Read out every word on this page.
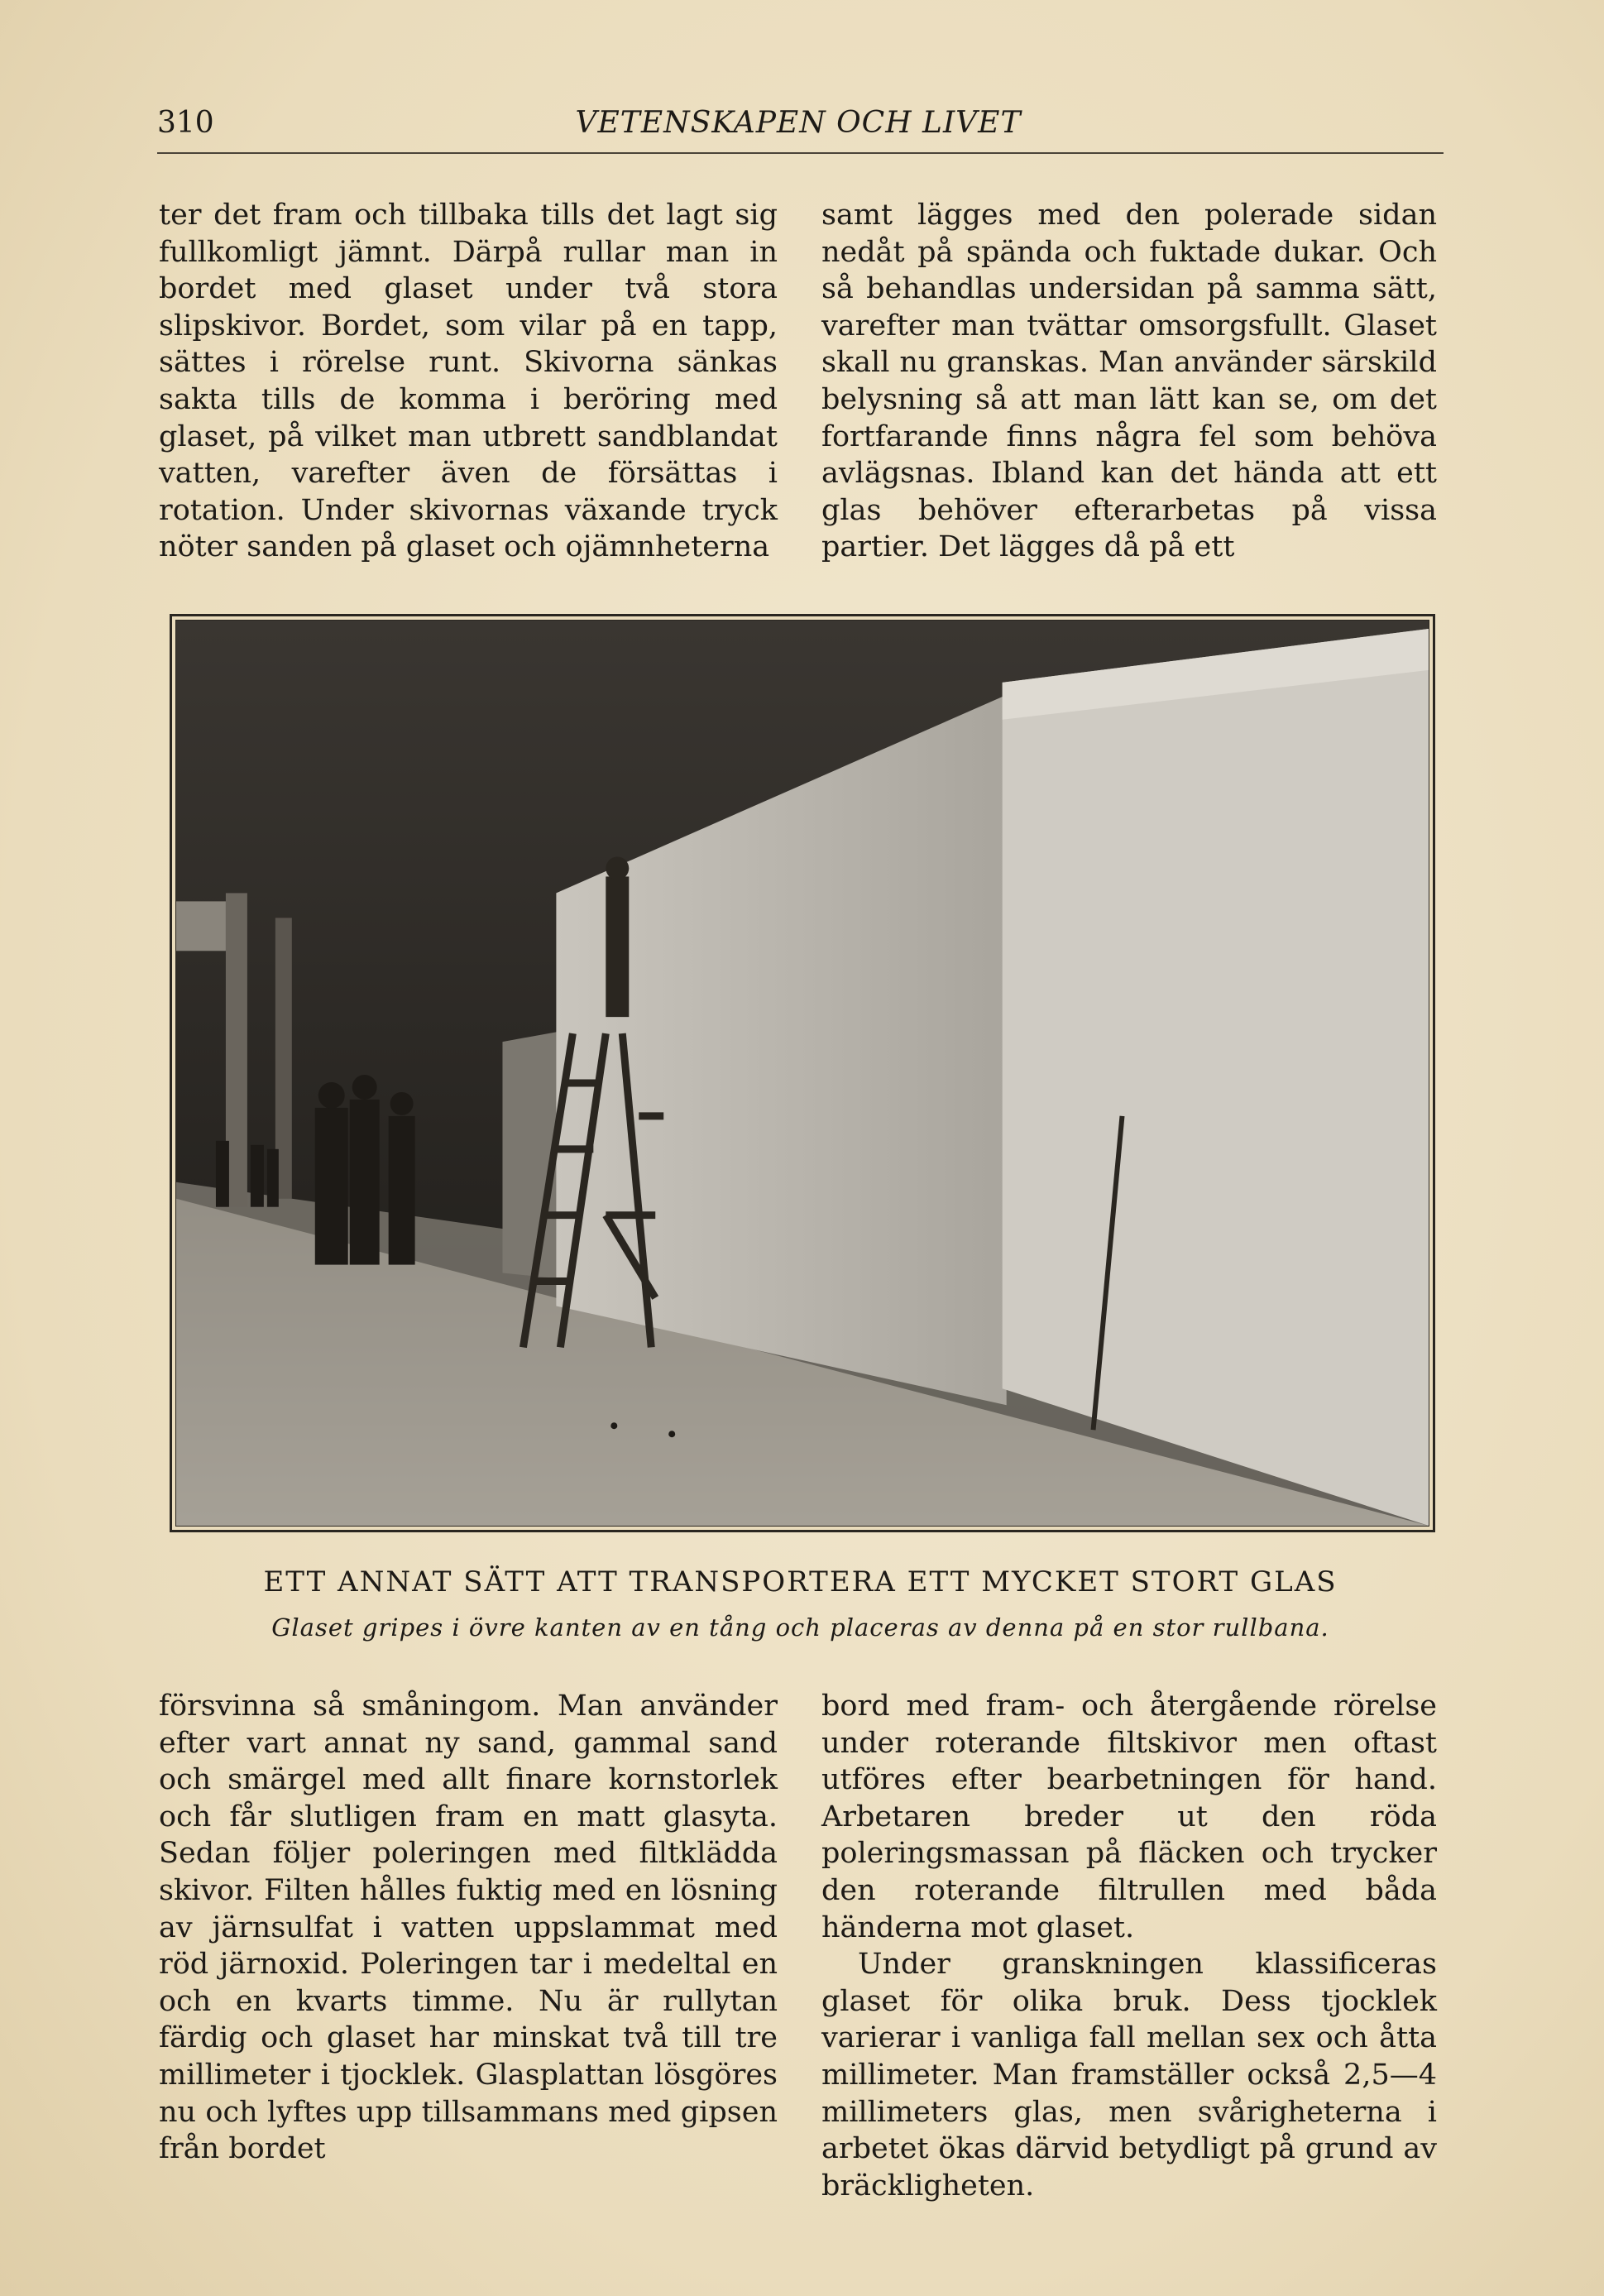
310	VETENSKAPEN OCH LIVET

ter det fram och tillbaka tills det lagt sig fullkomligt jämnt. Därpå rullar man in bordet med glaset under två stora slipskivor. Bordet, som vilar på en tapp, sättes i rörelse runt. Skivorna sänkas sakta tills de komma i beröring med glaset, på vilket man utbrett sandblandat vatten, varefter även de försättas i rotation. Under skivornas växande tryck nöter sanden på glaset och ojämnheterna

samt lägges med den polerade sidan nedåt på spända och fuktade dukar. Och så behandlas undersidan på samma sätt, varefter man tvättar omsorgsfullt. Glaset skall nu granskas. Man använder särskild belysning så att man lätt kan se, om det fortfarande finns några fel som behöva avlägsnas. Ibland kan det hända att ett glas behöver efterarbetas på vissa partier. Det lägges då på ett

ETT ANNAT SÄTT ATT TRANSPORTERA ETT MYCKET STORT GLAS
Glaset gripes i övre kanten av en tång och placeras av denna på en stor rullbana.

försvinna så småningom. Man använder efter vart annat ny sand, gammal sand och smärgel med allt finare kornstorlek och får slutligen fram en matt glasyta. Sedan följer poleringen med filtklädda skivor. Filten hålles fuktig med en lösning av järnsulfat i vatten uppslammat med röd järnoxid. Poleringen tar i medeltal en och en kvarts timme. Nu är rullytan färdig och glaset har minskat två till tre millimeter i tjocklek. Glasplattan lösgöres nu och lyftes upp tillsammans med gipsen från bordet

bord med fram- och återgående rörelse under roterande filtskivor men oftast utföres efter bearbetningen för hand. Arbetaren breder ut den röda poleringsmassan på fläcken och trycker den roterande filtrullen med båda händerna mot glaset.

Under granskningen klassificeras glaset för olika bruk. Dess tjocklek varierar i vanliga fall mellan sex och åtta millimeter. Man framställer också 2,5—4 millimeters glas, men svårigheterna i arbetet ökas därvid betydligt på grund av bräckligheten.
